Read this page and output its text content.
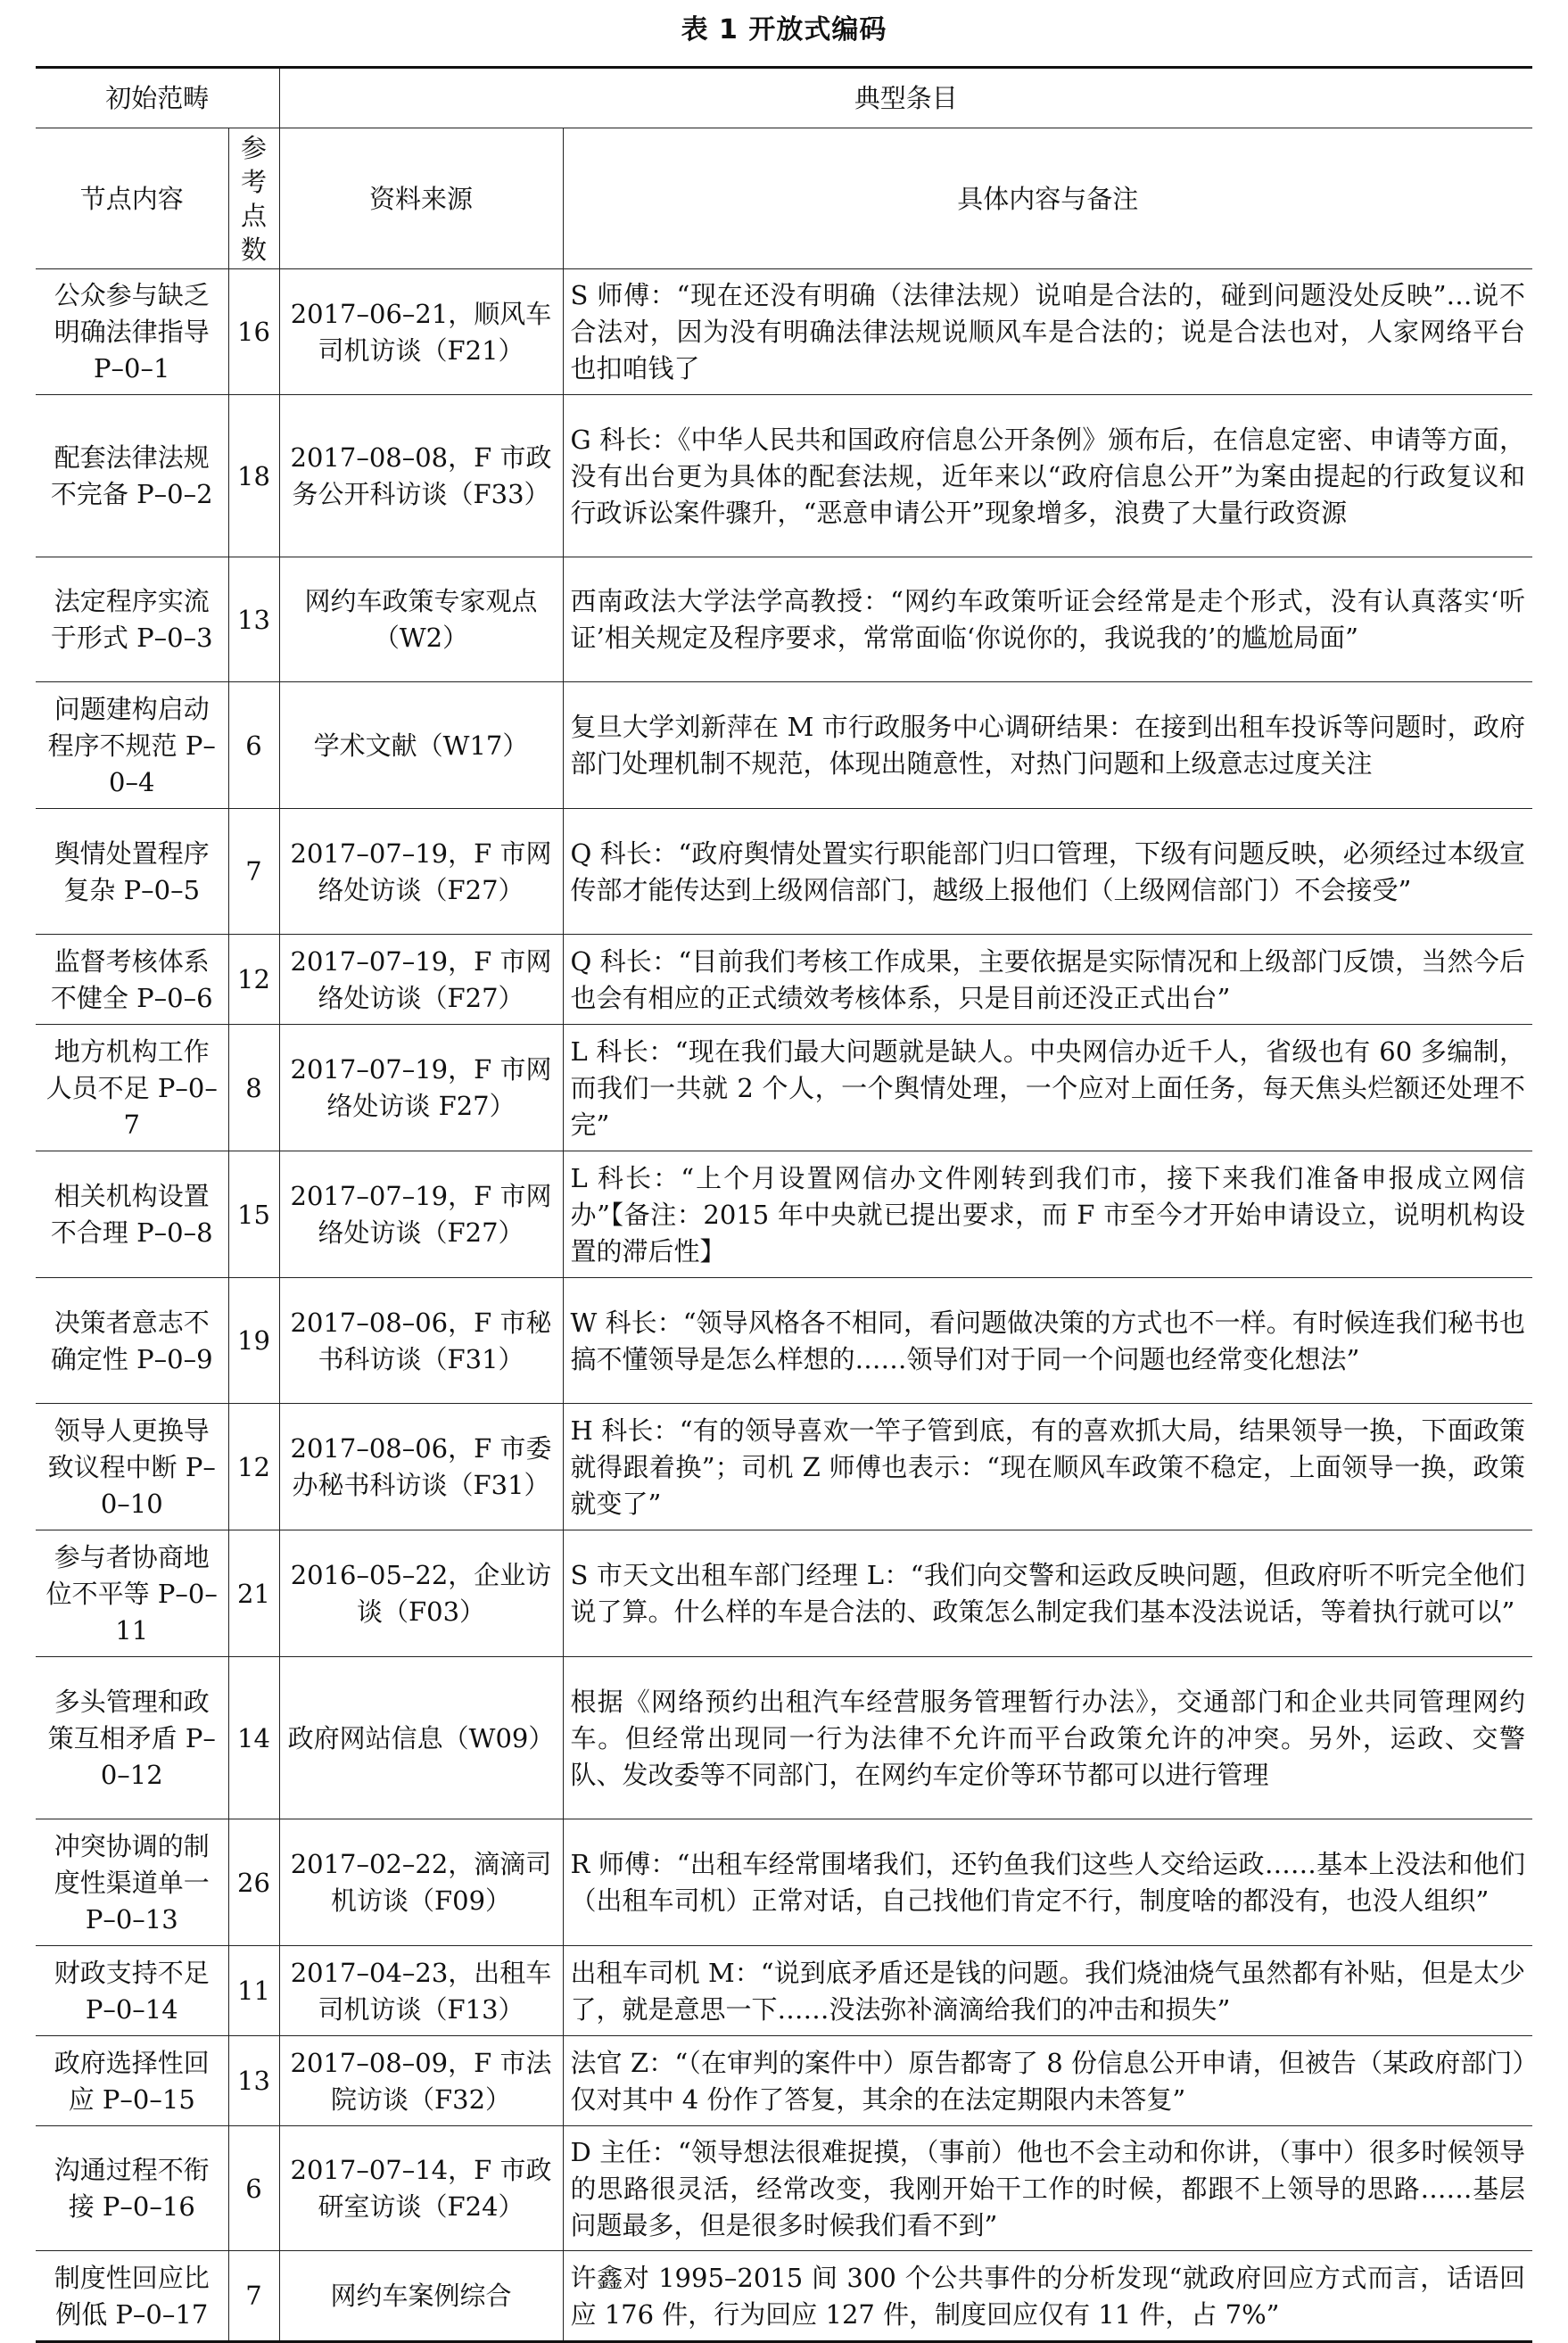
表 1 开放式编码
初始范畴		典型条目	
节点内容	参考点数	资料来源	具体内容与备注
公众参与缺乏明确法律指导 P–0–1	16	2017–06–21，顺风车司机访谈（F21）	S 师傅：“现在还没有明确（法律法规）说咱是合法的，碰到问题没处反映”…说不合法对，因为没有明确法律法规说顺风车是合法的；说是合法也对，人家网络平台也扣咱钱了
配套法律法规不完备 P–0–2	18	2017–08–08，F 市政务公开科访谈（F33）	G 科长：《中华人民共和国政府信息公开条例》颁布后，在信息定密、申请等方面，没有出台更为具体的配套法规，近年来以“政府信息公开”为案由提起的行政复议和行政诉讼案件骤升，“恶意申请公开”现象增多，浪费了大量行政资源
法定程序实流于形式 P–0–3	13	网约车政策专家观点（W2）	西南政法大学法学高教授：“网约车政策听证会经常是走个形式，没有认真落实‘听证’相关规定及程序要求，常常面临‘你说你的，我说我的’的尴尬局面”
问题建构启动程序不规范 P–0–4	6	学术文献（W17）	复旦大学刘新萍在 M 市行政服务中心调研结果：在接到出租车投诉等问题时，政府部门处理机制不规范，体现出随意性，对热门问题和上级意志过度关注
舆情处置程序复杂 P–0–5	7	2017–07–19，F 市网络处访谈（F27）	Q 科长：“政府舆情处置实行职能部门归口管理，下级有问题反映，必须经过本级宣传部才能传达到上级网信部门，越级上报他们（上级网信部门）不会接受”
监督考核体系不健全 P–0–6	12	2017–07–19，F 市网络处访谈（F27）	Q 科长：“目前我们考核工作成果，主要依据是实际情况和上级部门反馈，当然今后也会有相应的正式绩效考核体系，只是目前还没正式出台”
地方机构工作人员不足 P–0–7	8	2017–07–19，F 市网络处访谈 F27）	L 科长：“现在我们最大问题就是缺人。中央网信办近千人，省级也有 60 多编制，而我们一共就 2 个人，一个舆情处理，一个应对上面任务，每天焦头烂额还处理不完”
相关机构设置不合理 P–0–8	15	2017–07–19，F 市网络处访谈（F27）	L 科长：“上个月设置网信办文件刚转到我们市，接下来我们准备申报成立网信办”【备注：2015 年中央就已提出要求，而 F 市至今才开始申请设立，说明机构设置的滞后性】
决策者意志不确定性 P–0–9	19	2017–08–06，F 市秘书科访谈（F31）	W 科长：“领导风格各不相同，看问题做决策的方式也不一样。有时候连我们秘书也搞不懂领导是怎么样想的……领导们对于同一个问题也经常变化想法”
领导人更换导致议程中断 P–0–10	12	2017–08–06，F 市委办秘书科访谈（F31）	H 科长：“有的领导喜欢一竿子管到底，有的喜欢抓大局，结果领导一换，下面政策就得跟着换”；司机 Z 师傅也表示：“现在顺风车政策不稳定，上面领导一换，政策就变了”
参与者协商地位不平等 P–0–11	21	2016–05–22，企业访谈（F03）	S 市天文出租车部门经理 L：“我们向交警和运政反映问题，但政府听不听完全他们说了算。什么样的车是合法的、政策怎么制定我们基本没法说话，等着执行就可以”
多头管理和政策互相矛盾 P–0–12	14	政府网站信息（W09）	根据《网络预约出租汽车经营服务管理暂行办法》，交通部门和企业共同管理网约车。但经常出现同一行为法律不允许而平台政策允许的冲突。另外，运政、交警队、发改委等不同部门，在网约车定价等环节都可以进行管理
冲突协调的制度性渠道单一 P–0–13	26	2017–02–22，滴滴司机访谈（F09）	R 师傅：“出租车经常围堵我们，还钓鱼我们这些人交给运政……基本上没法和他们（出租车司机）正常对话，自己找他们肯定不行，制度啥的都没有，也没人组织”
财政支持不足 P–0–14	11	2017–04–23，出租车司机访谈（F13）	出租车司机 M：“说到底矛盾还是钱的问题。我们烧油烧气虽然都有补贴，但是太少了，就是意思一下……没法弥补滴滴给我们的冲击和损失”
政府选择性回应 P–0–15	13	2017–08–09，F 市法院访谈（F32）	法官 Z：“（在审判的案件中）原告都寄了 8 份信息公开申请，但被告（某政府部门）仅对其中 4 份作了答复，其余的在法定期限内未答复”
沟通过程不衔接 P–0–16	6	2017–07–14，F 市政研室访谈（F24）	D 主任：“领导想法很难捉摸，（事前）他也不会主动和你讲，（事中）很多时候领导的思路很灵活，经常改变，我刚开始干工作的时候，都跟不上领导的思路……基层问题最多，但是很多时候我们看不到”
制度性回应比例低 P–0–17	7	网约车案例综合	许鑫对 1995–2015 间 300 个公共事件的分析发现“就政府回应方式而言，话语回应 176 件，行为回应 127 件，制度回应仅有 11 件，占 7%”
